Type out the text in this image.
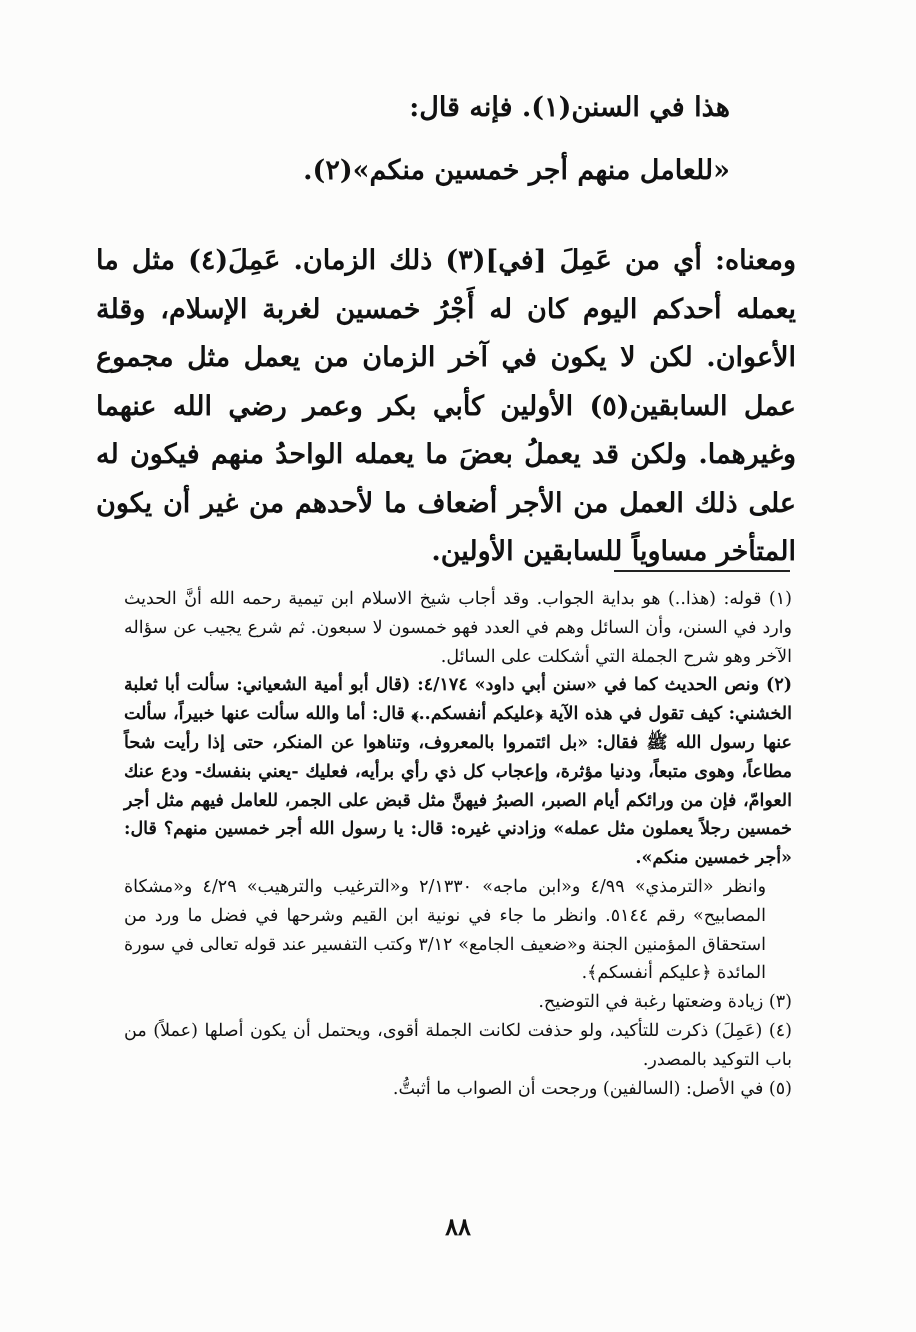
هذا في السنن(١). فإنه قال:

«للعامل منهم أجر خمسين منكم»(٢).

ومعناه: أي من عَمِلَ [في](٣) ذلك الزمان. عَمِلَ(٤) مثل ما يعمله أحدكم اليوم كان له أَجْرُ خمسين لغربة الإسلام، وقلة الأعوان. لكن لا يكون في آخر الزمان من يعمل مثل مجموع عمل السابقين(٥) الأولين كأبي بكر وعمر رضي الله عنهما وغيرهما. ولكن قد يعملُ بعضَ ما يعمله الواحدُ منهم فيكون له على ذلك العمل من الأجر أضعاف ما لأحدهم من غير أن يكون المتأخر مساوياً للسابقين الأولين.

(١) قوله: (هذا..) هو بداية الجواب. وقد أجاب شيخ الاسلام ابن تيمية رحمه الله أنَّ الحديث وارد في السنن، وأن السائل وهم في العدد فهو خمسون لا سبعون. ثم شرع يجيب عن سؤاله الآخر وهو شرح الجملة التي أشكلت على السائل.

(٢) ونص الحديث كما في «سنن أبي داود» ٤/١٧٤: (قال أبو أمية الشعياني: سألت أبا ثعلبة الخشني: كيف تقول في هذه الآية ﴿عليكم أنفسكم..﴾ قال: أما والله سألت عنها خبيراً، سألت عنها رسول الله ﷺ فقال: «بل ائتمروا بالمعروف، وتناهوا عن المنكر، حتى إذا رأيت شحاً مطاعاً، وهوى متبعاً، ودنيا مؤثرة، وإعجاب كل ذي رأي برأيه، فعليك -يعني بنفسك- ودع عنك العوامّ، فإن من ورائكم أيام الصبر، الصبرُ فيهنَّ مثل قبض على الجمر، للعامل فيهم مثل أجر خمسين رجلاً يعملون مثل عمله» وزادني غيره: قال: يا رسول الله أجر خمسين منهم؟ قال: «أجر خمسين منكم».

وانظر «الترمذي» ٤/٩٩ و«ابن ماجه» ٢/١٣٣٠ و«الترغيب والترهيب» ٤/٢٩ و«مشكاة المصابيح» رقم ٥١٤٤. وانظر ما جاء في نونية ابن القيم وشرحها في فضل ما ورد من استحقاق المؤمنين الجنة و«ضعيف الجامع» ٣/١٢ وكتب التفسير عند قوله تعالى في سورة المائدة ﴿عليكم أنفسكم﴾.

(٣) زيادة وضعتها رغبة في التوضيح.

(٤) (عَمِلَ) ذكرت للتأكيد، ولو حذفت لكانت الجملة أقوى، ويحتمل أن يكون أصلها (عملاً) من باب التوكيد بالمصدر.

(٥) في الأصل: (السالفين) ورجحت أن الصواب ما أثبتُّ.

٨٨
